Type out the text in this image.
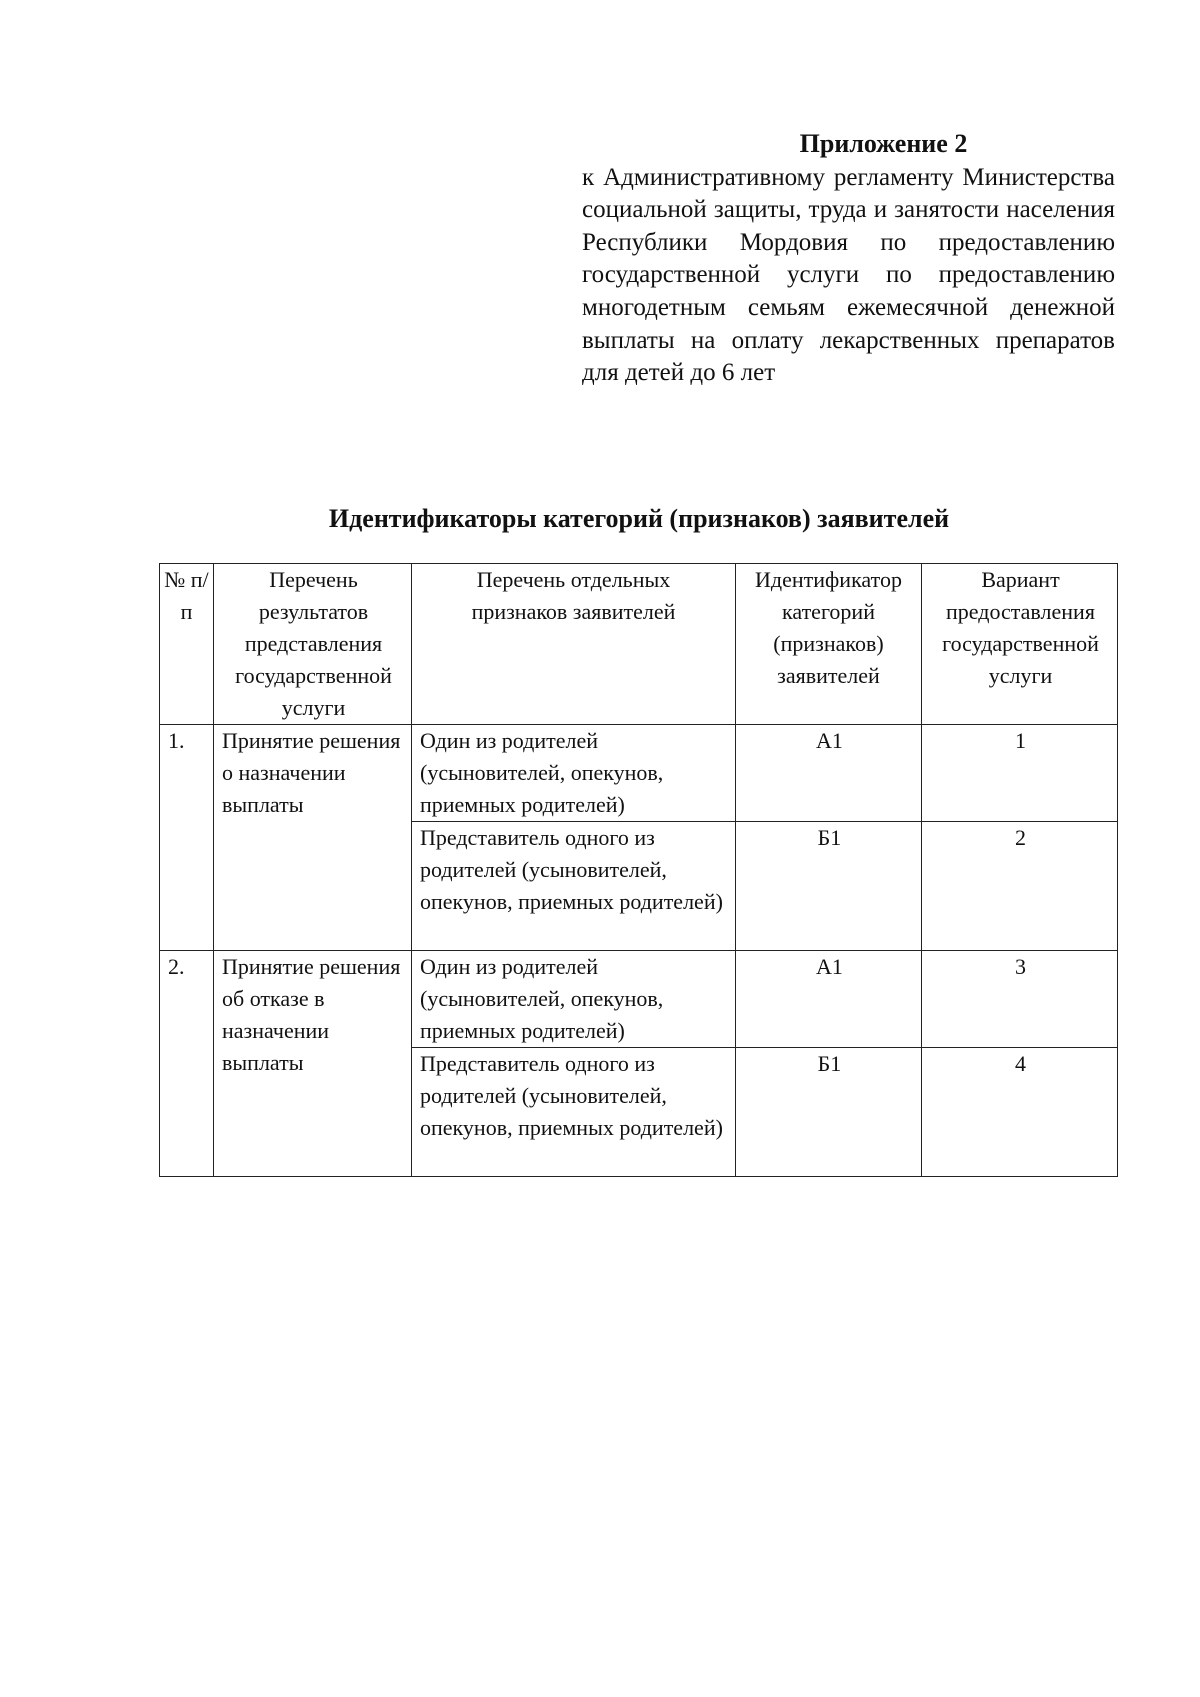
Приложение 2
к Административному регламенту Министерства социальной защиты, труда и занятости населения Республики Мордовия по предоставлению государственной услуги по предоставлению многодетным семьям ежемесячной денежной выплаты на оплату лекарственных препаратов для детей до 6 лет
Идентификаторы категорий (признаков) заявителей
№ п/п	Перечень результатов представления государственной услуги	Перечень отдельных признаков заявителей	Идентификатор категорий (признаков) заявителей	Вариант предоставления государственной услуги
1.	Принятие решения о назначении выплаты	Один из родителей (усыновителей, опекунов, приемных родителей)	А1	1
		Представитель одного из родителей (усыновителей, опекунов, приемных родителей)	Б1	2
2.	Принятие решения об отказе в назначении выплаты	Один из родителей (усыновителей, опекунов, приемных родителей)	А1	3
		Представитель одного из родителей (усыновителей, опекунов, приемных родителей)	Б1	4
